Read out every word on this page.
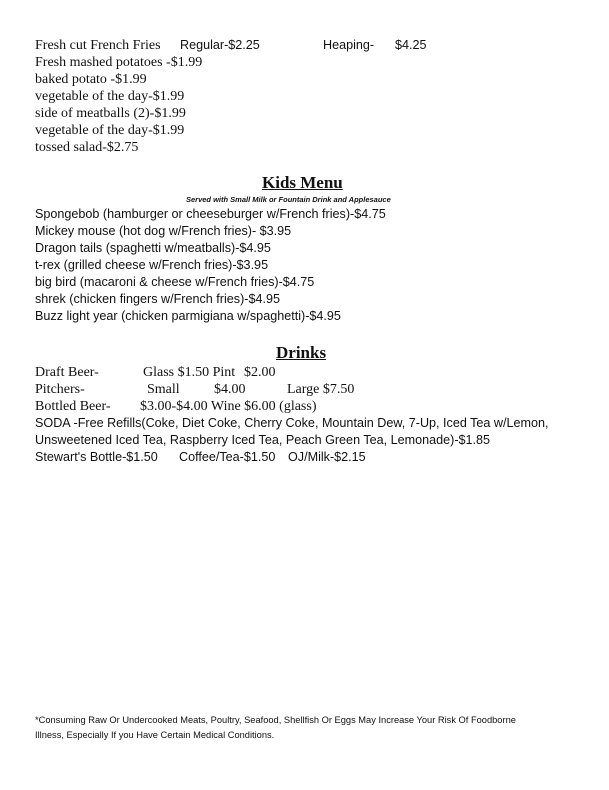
Fresh cut French Fries Regular-$2.25	Heaping- $4.25
Fresh mashed potatoes -$1.99
baked potato -$1.99
vegetable of the day-$1.99
side of meatballs (2)-$1.99
vegetable of the day-$1.99
tossed salad-$2.75
Kids Menu
Served with Small Milk or Fountain Drink and Applesauce
Spongebob (hamburger or cheeseburger w/French fries)-$4.75
Mickey mouse (hot dog w/French fries)- $3.95
Dragon tails (spaghetti w/meatballs)-$4.95
t-rex (grilled cheese w/French fries)-$3.95
big bird (macaroni & cheese w/French fries)-$4.75
shrek (chicken fingers w/French fries)-$4.95
Buzz light year (chicken parmigiana w/spaghetti)-$4.95
Drinks
Draft Beer-	Glass $1.50 Pint $2.00
Pitchers-	Small $4.00	Large $7.50
Bottled Beer- $3.00-$4.00 Wine $6.00 (glass)
SODA -Free Refills(Coke, Diet Coke, Cherry Coke, Mountain Dew, 7-Up, Iced Tea w/Lemon,
Unsweetened Iced Tea, Raspberry Iced Tea, Peach Green Tea, Lemonade)-$1.85
Stewart's Bottle-$1.50 Coffee/Tea-$1.50 OJ/Milk-$2.15
*Consuming Raw Or Undercooked Meats, Poultry, Seafood, Shellfish Or Eggs May Increase Your Risk Of Foodborne
Illness, Especially If you Have Certain Medical Conditions.
